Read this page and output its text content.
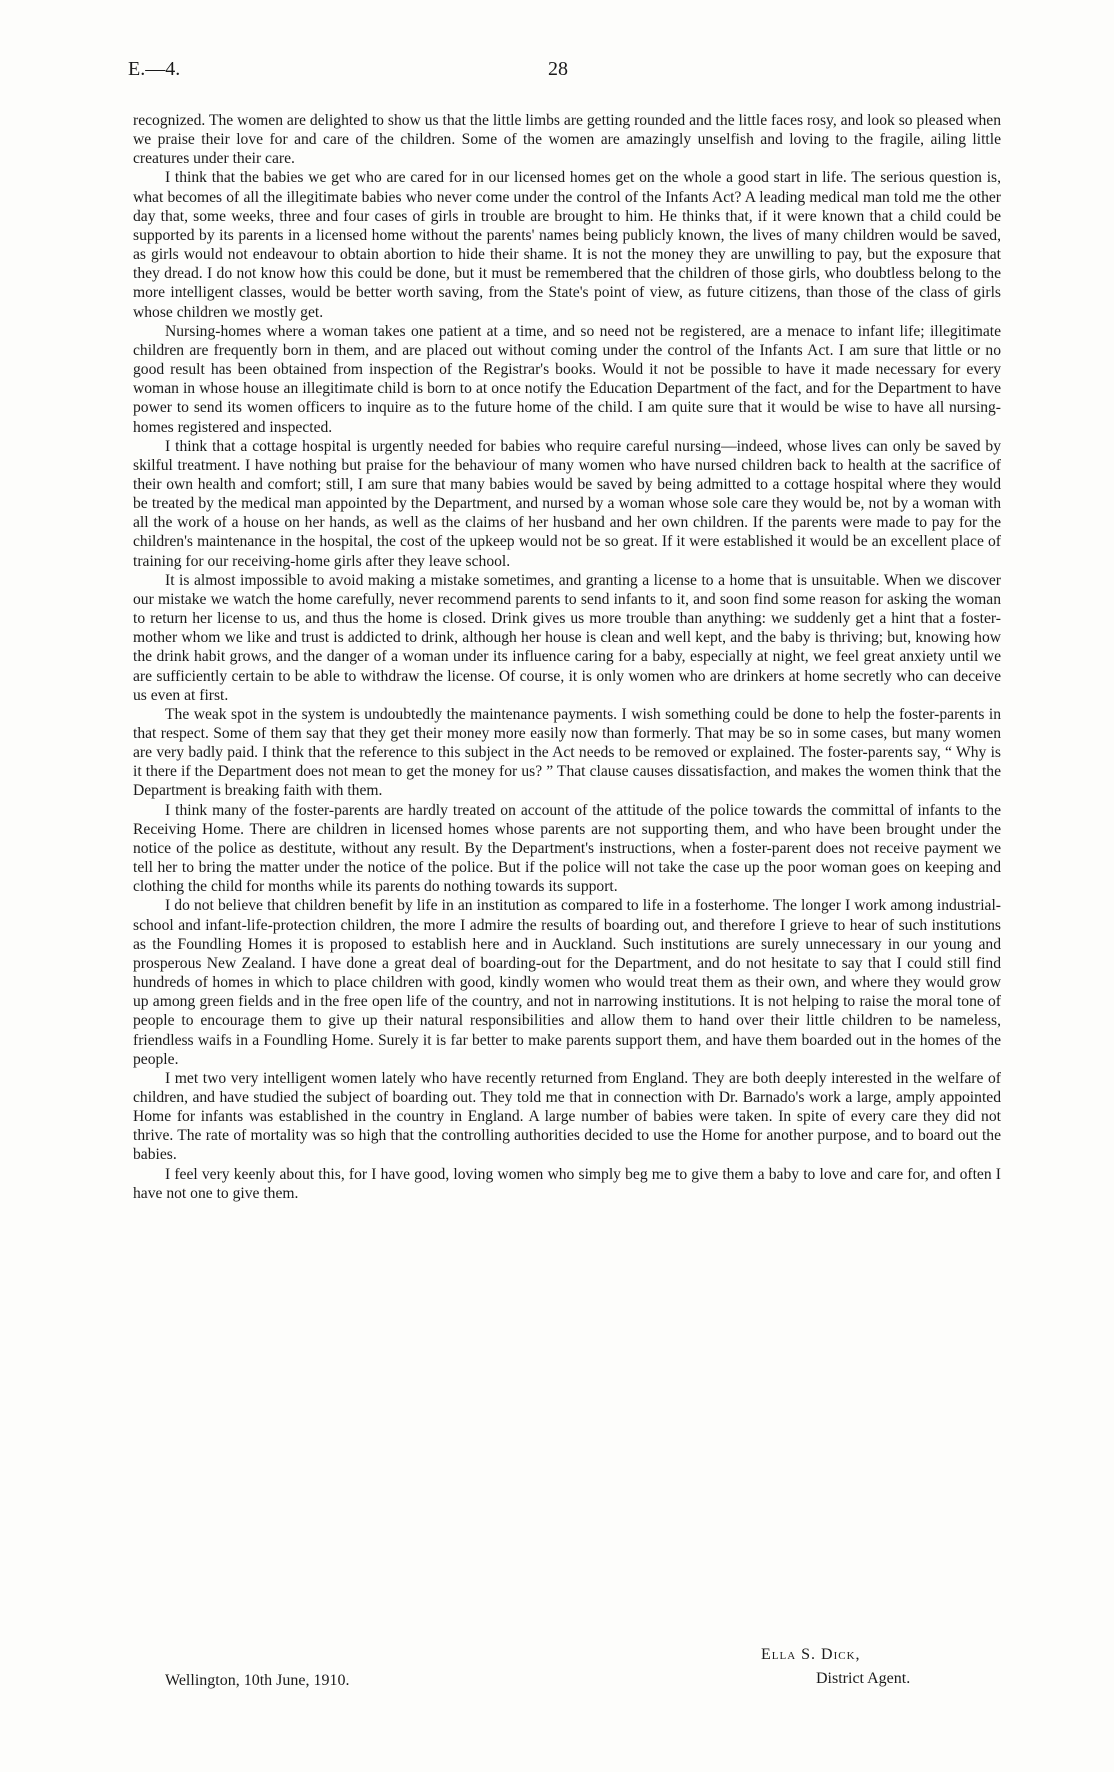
E.—4.	28

recognized. The women are delighted to show us that the little limbs are getting rounded and the little faces rosy, and look so pleased when we praise their love for and care of the children. Some of the women are amazingly unselfish and loving to the fragile, ailing little creatures under their care.

I think that the babies we get who are cared for in our licensed homes get on the whole a good start in life. The serious question is, what becomes of all the illegitimate babies who never come under the control of the Infants Act? A leading medical man told me the other day that, some weeks, three and four cases of girls in trouble are brought to him. He thinks that, if it were known that a child could be supported by its parents in a licensed home without the parents' names being publicly known, the lives of many children would be saved, as girls would not endeavour to obtain abortion to hide their shame. It is not the money they are unwilling to pay, but the exposure that they dread. I do not know how this could be done, but it must be remembered that the children of those girls, who doubtless belong to the more intelligent classes, would be better worth saving, from the State's point of view, as future citizens, than those of the class of girls whose children we mostly get.

Nursing-homes where a woman takes one patient at a time, and so need not be registered, are a menace to infant life; illegitimate children are frequently born in them, and are placed out without coming under the control of the Infants Act. I am sure that little or no good result has been obtained from inspection of the Registrar's books. Would it not be possible to have it made necessary for every woman in whose house an illegitimate child is born to at once notify the Education Department of the fact, and for the Department to have power to send its women officers to inquire as to the future home of the child. I am quite sure that it would be wise to have all nursing-homes registered and inspected.

I think that a cottage hospital is urgently needed for babies who require careful nursing—indeed, whose lives can only be saved by skilful treatment. I have nothing but praise for the behaviour of many women who have nursed children back to health at the sacrifice of their own health and comfort; still, I am sure that many babies would be saved by being admitted to a cottage hospital where they would be treated by the medical man appointed by the Department, and nursed by a woman whose sole care they would be, not by a woman with all the work of a house on her hands, as well as the claims of her husband and her own children. If the parents were made to pay for the children's maintenance in the hospital, the cost of the upkeep would not be so great. If it were established it would be an excellent place of training for our receiving-home girls after they leave school.

It is almost impossible to avoid making a mistake sometimes, and granting a license to a home that is unsuitable. When we discover our mistake we watch the home carefully, never recommend parents to send infants to it, and soon find some reason for asking the woman to return her license to us, and thus the home is closed. Drink gives us more trouble than anything: we suddenly get a hint that a foster-mother whom we like and trust is addicted to drink, although her house is clean and well kept, and the baby is thriving; but, knowing how the drink habit grows, and the danger of a woman under its influence caring for a baby, especially at night, we feel great anxiety until we are sufficiently certain to be able to withdraw the license. Of course, it is only women who are drinkers at home secretly who can deceive us even at first.

The weak spot in the system is undoubtedly the maintenance payments. I wish something could be done to help the foster-parents in that respect. Some of them say that they get their money more easily now than formerly. That may be so in some cases, but many women are very badly paid. I think that the reference to this subject in the Act needs to be removed or explained. The foster-parents say, “ Why is it there if the Department does not mean to get the money for us? ” That clause causes dissatisfaction, and makes the women think that the Department is breaking faith with them.

I think many of the foster-parents are hardly treated on account of the attitude of the police towards the committal of infants to the Receiving Home. There are children in licensed homes whose parents are not supporting them, and who have been brought under the notice of the police as destitute, without any result. By the Department's instructions, when a foster-parent does not receive payment we tell her to bring the matter under the notice of the police. But if the police will not take the case up the poor woman goes on keeping and clothing the child for months while its parents do nothing towards its support.

I do not believe that children benefit by life in an institution as compared to life in a fosterhome. The longer I work among industrial-school and infant-life-protection children, the more I admire the results of boarding out, and therefore I grieve to hear of such institutions as the Foundling Homes it is proposed to establish here and in Auckland. Such institutions are surely unnecessary in our young and prosperous New Zealand. I have done a great deal of boarding-out for the Department, and do not hesitate to say that I could still find hundreds of homes in which to place children with good, kindly women who would treat them as their own, and where they would grow up among green fields and in the free open life of the country, and not in narrowing institutions. It is not helping to raise the moral tone of people to encourage them to give up their natural responsibilities and allow them to hand over their little children to be nameless, friendless waifs in a Foundling Home. Surely it is far better to make parents support them, and have them boarded out in the homes of the people.

I met two very intelligent women lately who have recently returned from England. They are both deeply interested in the welfare of children, and have studied the subject of boarding out. They told me that in connection with Dr. Barnado's work a large, amply appointed Home for infants was established in the country in England. A large number of babies were taken. In spite of every care they did not thrive. The rate of mortality was so high that the controlling authorities decided to use the Home for another purpose, and to board out the babies.

I feel very keenly about this, for I have good, loving women who simply beg me to give them a baby to love and care for, and often I have not one to give them.

Ella S. Dick,
District Agent.
Wellington, 10th June, 1910.
